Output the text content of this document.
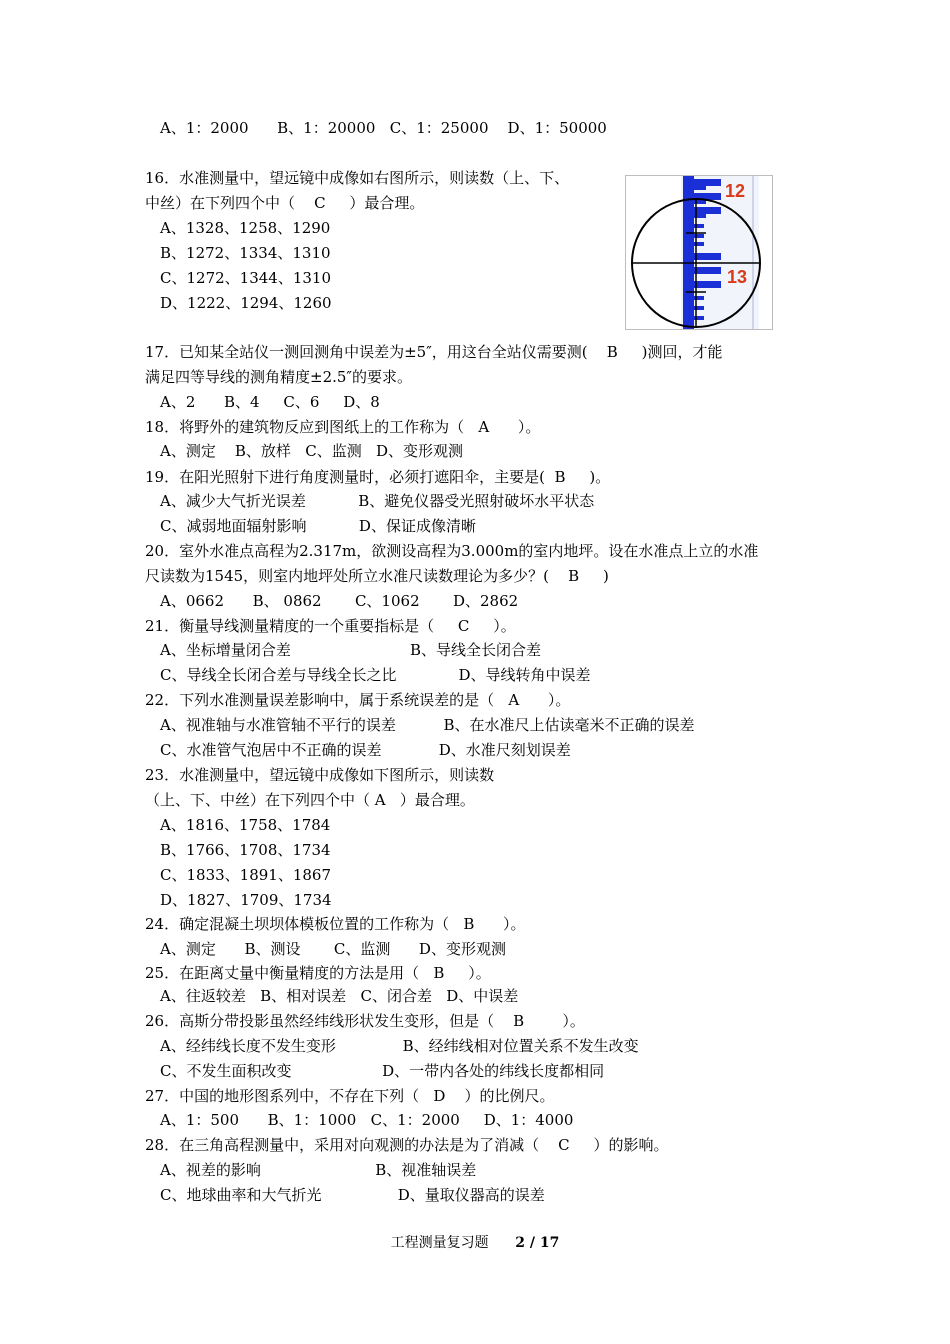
A、1：2000      B、1：20000   C、1：25000    D、1：50000
16．水准测量中，望远镜中成像如右图所示，则读数（上、下、
中丝）在下列四个中（    C     ）最合理。
A、1328、1258、1290
B、1272、1334、1310
C、1272、1344、1310
D、1222、1294、1260
17．已知某全站仪一测回测角中误差为±5″，用这台全站仪需要测(    B     )测回，才能
满足四等导线的测角精度±2.5″的要求。
A、2      B、4     C、6     D、8
18．将野外的建筑物反应到图纸上的工作称为（   A      ）。
A、测定    B、放样   C、监测   D、变形观测
19．在阳光照射下进行角度测量时，必须打遮阳伞，主要是(  B     )。
A、减少大气折光误差           B、避免仪器受光照射破坏水平状态
C、减弱地面辐射影响           D、保证成像清晰
20．室外水准点高程为2.317m，欲测设高程为3.000m的室内地坪。设在水准点上立的水准
尺读数为1545，则室内地坪处所立水准尺读数理论为多少？(    B     )
A、0662      B、 0862       C、1062       D、2862
21．衡量导线测量精度的一个重要指标是（     C     ）。
A、坐标增量闭合差                         B、导线全长闭合差
C、导线全长闭合差与导线全长之比             D、导线转角中误差
22．下列水准测量误差影响中，属于系统误差的是（   A      ）。
A、视准轴与水准管轴不平行的误差          B、在水准尺上估读毫米不正确的误差
C、水准管气泡居中不正确的误差            D、水准尺刻划误差
23．水准测量中，望远镜中成像如下图所示，则读数
（上、下、中丝）在下列四个中（ A   ）最合理。
A、1816、1758、1784
B、1766、1708、1734
C、1833、1891、1867
D、1827、1709、1734
24．确定混凝土坝坝体模板位置的工作称为（   B      ）。
A、测定      B、测设       C、监测      D、变形观测
25．在距离丈量中衡量精度的方法是用（   B     ）。
A、往返较差   B、相对误差   C、闭合差   D、中误差
26．高斯分带投影虽然经纬线形状发生变形，但是（    B        ）。
A、经纬线长度不发生变形              B、经纬线相对位置关系不发生改变
C、不发生面积改变                   D、一带内各处的纬线长度都相同
27．中国的地形图系列中，不存在下列（   D    ）的比例尺。
A、1：500      B、1：1000   C、1：2000     D、1：4000
28．在三角高程测量中，采用对向观测的办法是为了消减（    C     ）的影响。
A、视差的影响                        B、视准轴误差
C、地球曲率和大气折光                D、量取仪器高的误差
12
13
工程测量复习题 2 / 17
